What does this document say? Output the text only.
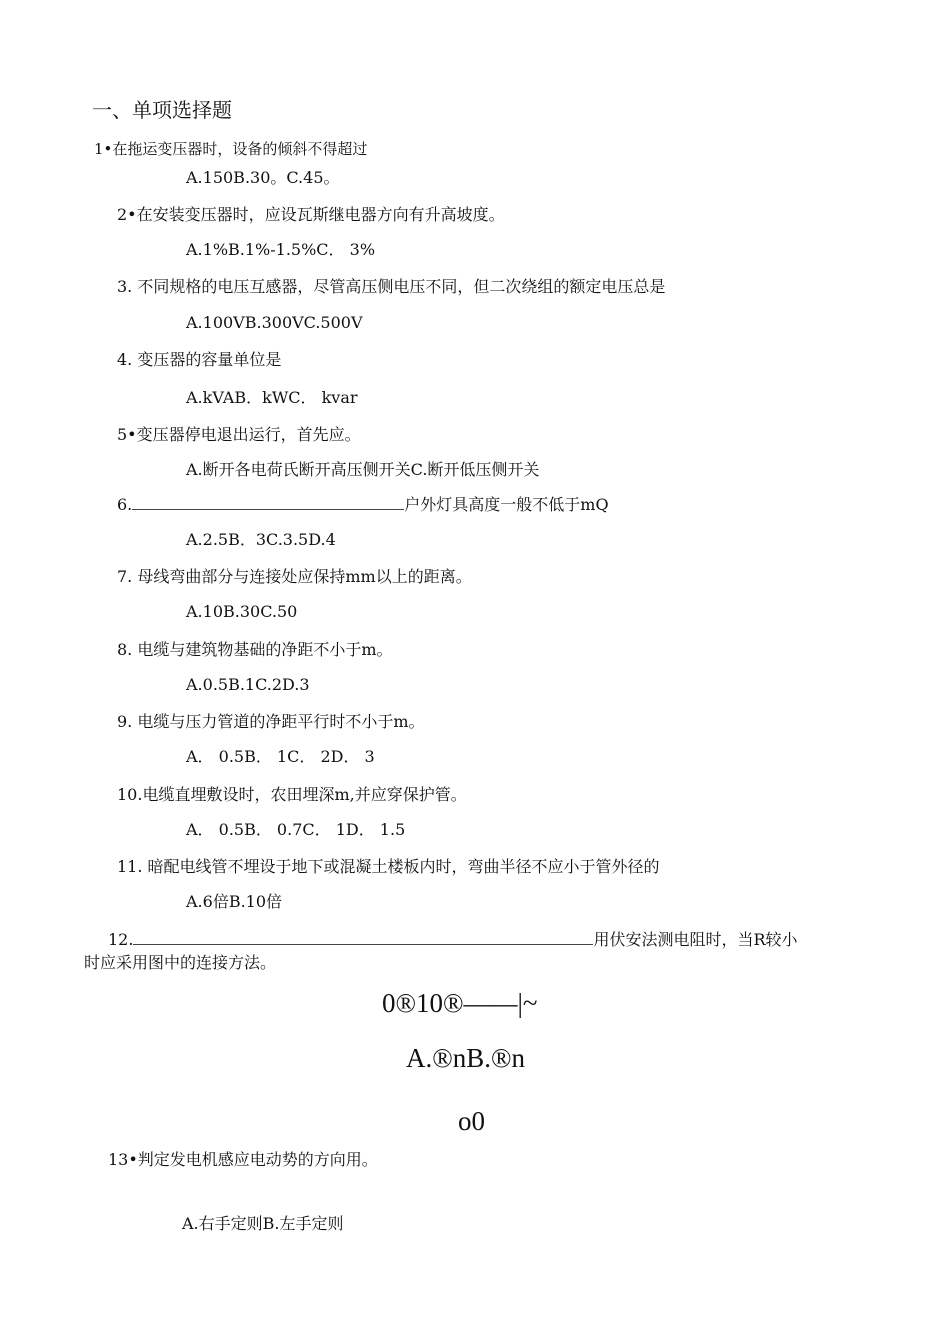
一、单项选择题
1•在拖运变压器时，设备的倾斜不得超过
A.150B.30。C.45。
2•在安装变压器时，应设瓦斯继电器方向有升高坡度。
A.1%B.1%-1.5%C． 3%
3. 不同规格的电压互感器，尽管高压侧电压不同，但二次绕组的额定电压总是
A.100VB.300VC.500V
4. 变压器的容量单位是
A.kVAB．kWC． kvar
5•变压器停电退出运行，首先应。
A.断开各电荷氏断开高压侧开关C.断开低压侧开关
6.	户外灯具高度一般不低于mQ
A.2.5B．3C.3.5D.4
7. 母线弯曲部分与连接处应保持mm以上的距离。
A.10B.30C.50
8. 电缆与建筑物基础的净距不小于m。
A.0.5B.1C.2D.3
9. 电缆与压力管道的净距平行时不小于m。
A． 0.5B． 1C． 2D． 3
10.电缆直埋敷设时，农田埋深m,并应穿保护管。
A． 0.5B． 0.7C． 1D． 1.5
11. 暗配电线管不埋设于地下或混凝土楼板内时，弯曲半径不应小于管外径的
A.6倍B.10倍
12.	用伏安法测电阻时，当R较小
时应采用图中的连接方法。
0®10®——|~
A.®nB.®n
o0
13•判定发电机感应电动势的方向用。
A.右手定则B.左手定则
